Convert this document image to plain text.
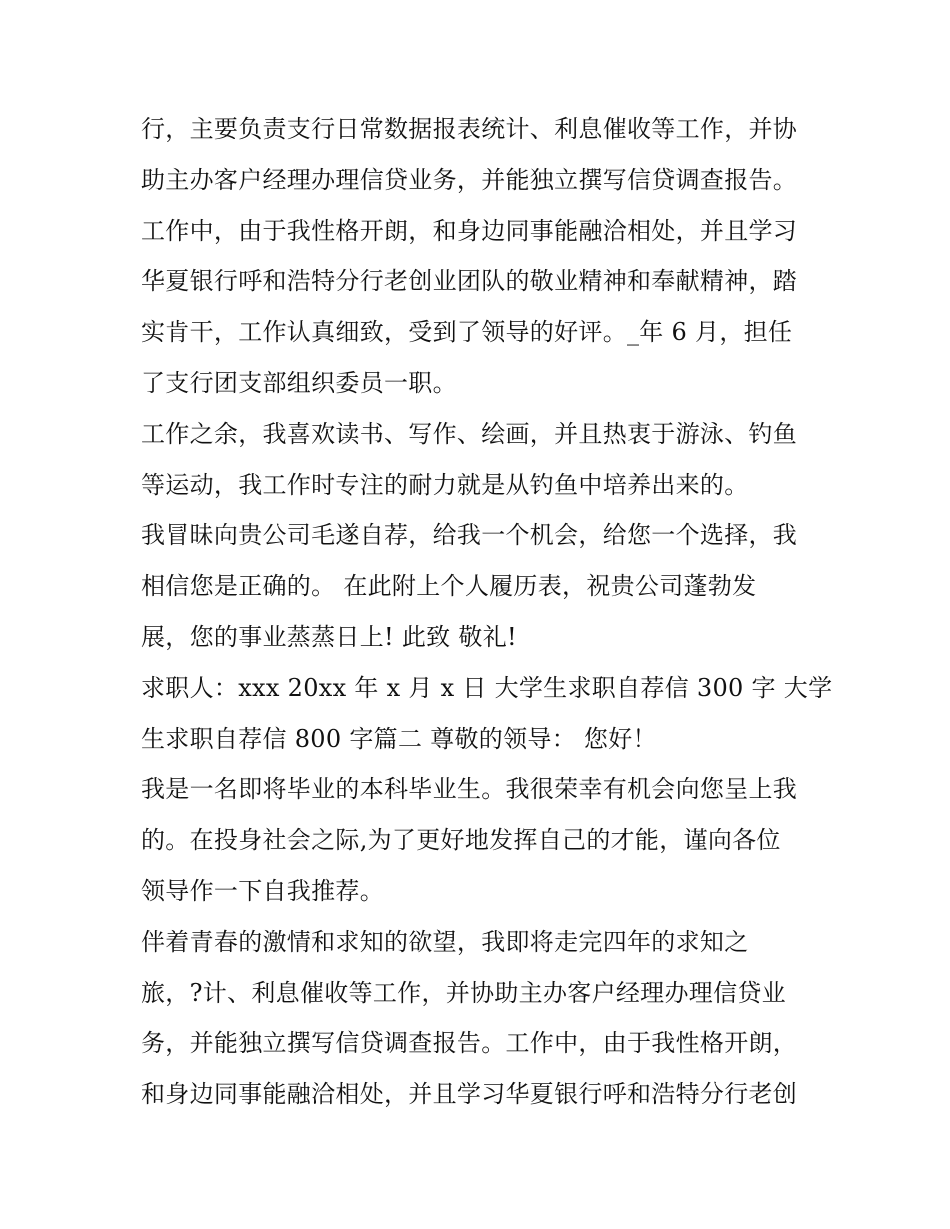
行，主要负责支行日常数据报表统计、利息催收等工作，并协
助主办客户经理办理信贷业务，并能独立撰写信贷调查报告。
工作中，由于我性格开朗，和身边同事能融洽相处，并且学习
华夏银行呼和浩特分行老创业团队的敬业精神和奉献精神，踏
实肯干，工作认真细致，受到了领导的好评。_年 6 月，担任
了支行团支部组织委员一职。
工作之余，我喜欢读书、写作、绘画，并且热衷于游泳、钓鱼
等运动，我工作时专注的耐力就是从钓鱼中培养出来的。
我冒昧向贵公司毛遂自荐，给我一个机会，给您一个选择，我
相信您是正确的。 在此附上个人履历表，祝贵公司蓬勃发
展，您的事业蒸蒸日上! 此致 敬礼!
求职人：xxx 20xx 年 x 月 x 日 大学生求职自荐信 300 字 大学
生求职自荐信 800 字篇二 尊敬的领导： 您好！
我是一名即将毕业的本科毕业生。我很荣幸有机会向您呈上我
的。在投身社会之际,为了更好地发挥自己的才能，谨向各位
领导作一下自我推荐。
伴着青春的激情和求知的欲望，我即将走完四年的求知之
旅，?计、利息催收等工作，并协助主办客户经理办理信贷业
务，并能独立撰写信贷调查报告。工作中，由于我性格开朗，
和身边同事能融洽相处，并且学习华夏银行呼和浩特分行老创
